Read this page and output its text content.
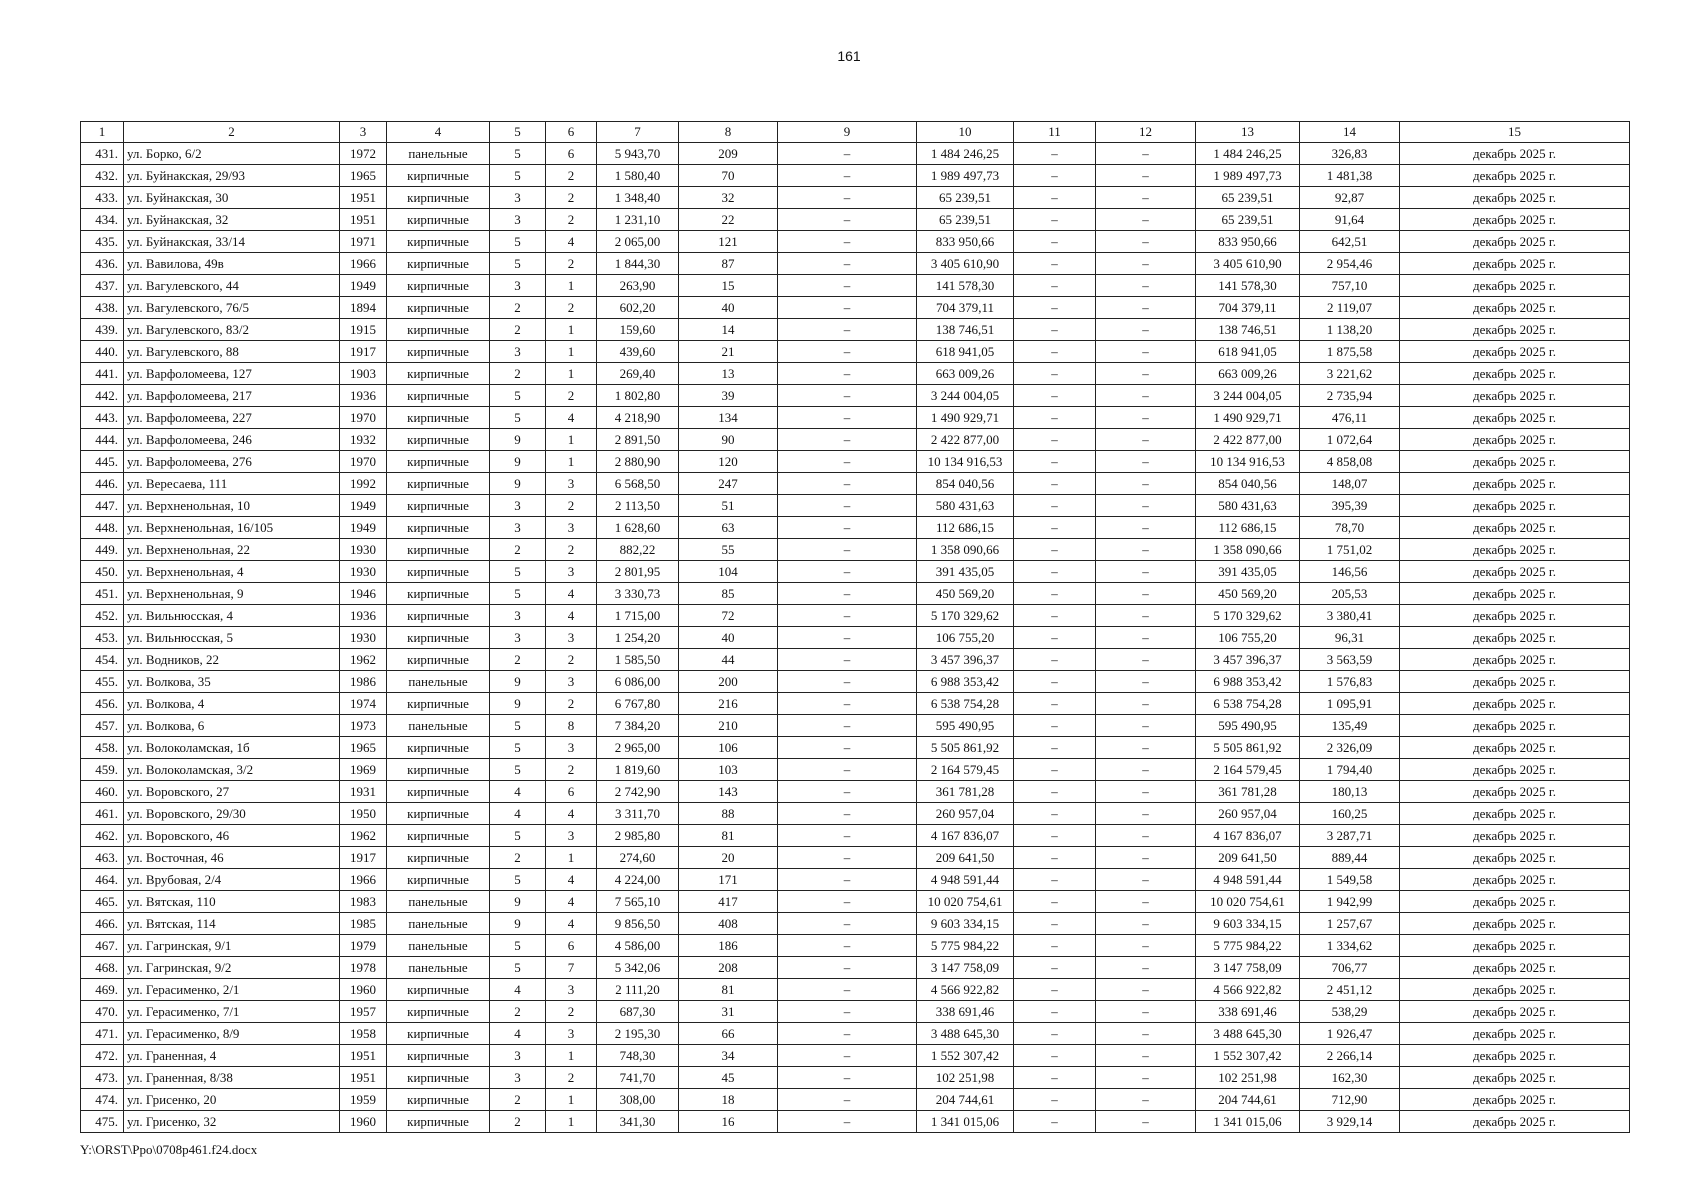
161
1	2	3	4	5	6	7	8	9	10	11	12	13	14	15
431.	ул. Борко, 6/2	1972	панельные	5	6	5 943,70	209	–	1 484 246,25	–	–	1 484 246,25	326,83	декабрь 2025 г.
432.	ул. Буйнакская, 29/93	1965	кирпичные	5	2	1 580,40	70	–	1 989 497,73	–	–	1 989 497,73	1 481,38	декабрь 2025 г.
433.	ул. Буйнакская, 30	1951	кирпичные	3	2	1 348,40	32	–	65 239,51	–	–	65 239,51	92,87	декабрь 2025 г.
434.	ул. Буйнакская, 32	1951	кирпичные	3	2	1 231,10	22	–	65 239,51	–	–	65 239,51	91,64	декабрь 2025 г.
435.	ул. Буйнакская, 33/14	1971	кирпичные	5	4	2 065,00	121	–	833 950,66	–	–	833 950,66	642,51	декабрь 2025 г.
436.	ул. Вавилова, 49в	1966	кирпичные	5	2	1 844,30	87	–	3 405 610,90	–	–	3 405 610,90	2 954,46	декабрь 2025 г.
437.	ул. Вагулевского, 44	1949	кирпичные	3	1	263,90	15	–	141 578,30	–	–	141 578,30	757,10	декабрь 2025 г.
438.	ул. Вагулевского, 76/5	1894	кирпичные	2	2	602,20	40	–	704 379,11	–	–	704 379,11	2 119,07	декабрь 2025 г.
439.	ул. Вагулевского, 83/2	1915	кирпичные	2	1	159,60	14	–	138 746,51	–	–	138 746,51	1 138,20	декабрь 2025 г.
440.	ул. Вагулевского, 88	1917	кирпичные	3	1	439,60	21	–	618 941,05	–	–	618 941,05	1 875,58	декабрь 2025 г.
441.	ул. Варфоломеева, 127	1903	кирпичные	2	1	269,40	13	–	663 009,26	–	–	663 009,26	3 221,62	декабрь 2025 г.
442.	ул. Варфоломеева, 217	1936	кирпичные	5	2	1 802,80	39	–	3 244 004,05	–	–	3 244 004,05	2 735,94	декабрь 2025 г.
443.	ул. Варфоломеева, 227	1970	кирпичные	5	4	4 218,90	134	–	1 490 929,71	–	–	1 490 929,71	476,11	декабрь 2025 г.
444.	ул. Варфоломеева, 246	1932	кирпичные	9	1	2 891,50	90	–	2 422 877,00	–	–	2 422 877,00	1 072,64	декабрь 2025 г.
445.	ул. Варфоломеева, 276	1970	кирпичные	9	1	2 880,90	120	–	10 134 916,53	–	–	10 134 916,53	4 858,08	декабрь 2025 г.
446.	ул. Вересаева, 111	1992	кирпичные	9	3	6 568,50	247	–	854 040,56	–	–	854 040,56	148,07	декабрь 2025 г.
447.	ул. Верхненольная, 10	1949	кирпичные	3	2	2 113,50	51	–	580 431,63	–	–	580 431,63	395,39	декабрь 2025 г.
448.	ул. Верхненольная, 16/105	1949	кирпичные	3	3	1 628,60	63	–	112 686,15	–	–	112 686,15	78,70	декабрь 2025 г.
449.	ул. Верхненольная, 22	1930	кирпичные	2	2	882,22	55	–	1 358 090,66	–	–	1 358 090,66	1 751,02	декабрь 2025 г.
450.	ул. Верхненольная, 4	1930	кирпичные	5	3	2 801,95	104	–	391 435,05	–	–	391 435,05	146,56	декабрь 2025 г.
451.	ул. Верхненольная, 9	1946	кирпичные	5	4	3 330,73	85	–	450 569,20	–	–	450 569,20	205,53	декабрь 2025 г.
452.	ул. Вильнюсская, 4	1936	кирпичные	3	4	1 715,00	72	–	5 170 329,62	–	–	5 170 329,62	3 380,41	декабрь 2025 г.
453.	ул. Вильнюсская, 5	1930	кирпичные	3	3	1 254,20	40	–	106 755,20	–	–	106 755,20	96,31	декабрь 2025 г.
454.	ул. Водников, 22	1962	кирпичные	2	2	1 585,50	44	–	3 457 396,37	–	–	3 457 396,37	3 563,59	декабрь 2025 г.
455.	ул. Волкова, 35	1986	панельные	9	3	6 086,00	200	–	6 988 353,42	–	–	6 988 353,42	1 576,83	декабрь 2025 г.
456.	ул. Волкова, 4	1974	кирпичные	9	2	6 767,80	216	–	6 538 754,28	–	–	6 538 754,28	1 095,91	декабрь 2025 г.
457.	ул. Волкова, 6	1973	панельные	5	8	7 384,20	210	–	595 490,95	–	–	595 490,95	135,49	декабрь 2025 г.
458.	ул. Волоколамская, 1б	1965	кирпичные	5	3	2 965,00	106	–	5 505 861,92	–	–	5 505 861,92	2 326,09	декабрь 2025 г.
459.	ул. Волоколамская, 3/2	1969	кирпичные	5	2	1 819,60	103	–	2 164 579,45	–	–	2 164 579,45	1 794,40	декабрь 2025 г.
460.	ул. Воровского, 27	1931	кирпичные	4	6	2 742,90	143	–	361 781,28	–	–	361 781,28	180,13	декабрь 2025 г.
461.	ул. Воровского, 29/30	1950	кирпичные	4	4	3 311,70	88	–	260 957,04	–	–	260 957,04	160,25	декабрь 2025 г.
462.	ул. Воровского, 46	1962	кирпичные	5	3	2 985,80	81	–	4 167 836,07	–	–	4 167 836,07	3 287,71	декабрь 2025 г.
463.	ул. Восточная, 46	1917	кирпичные	2	1	274,60	20	–	209 641,50	–	–	209 641,50	889,44	декабрь 2025 г.
464.	ул. Врубовая, 2/4	1966	кирпичные	5	4	4 224,00	171	–	4 948 591,44	–	–	4 948 591,44	1 549,58	декабрь 2025 г.
465.	ул. Вятская, 110	1983	панельные	9	4	7 565,10	417	–	10 020 754,61	–	–	10 020 754,61	1 942,99	декабрь 2025 г.
466.	ул. Вятская, 114	1985	панельные	9	4	9 856,50	408	–	9 603 334,15	–	–	9 603 334,15	1 257,67	декабрь 2025 г.
467.	ул. Гагринская, 9/1	1979	панельные	5	6	4 586,00	186	–	5 775 984,22	–	–	5 775 984,22	1 334,62	декабрь 2025 г.
468.	ул. Гагринская, 9/2	1978	панельные	5	7	5 342,06	208	–	3 147 758,09	–	–	3 147 758,09	706,77	декабрь 2025 г.
469.	ул. Герасименко, 2/1	1960	кирпичные	4	3	2 111,20	81	–	4 566 922,82	–	–	4 566 922,82	2 451,12	декабрь 2025 г.
470.	ул. Герасименко, 7/1	1957	кирпичные	2	2	687,30	31	–	338 691,46	–	–	338 691,46	538,29	декабрь 2025 г.
471.	ул. Герасименко, 8/9	1958	кирпичные	4	3	2 195,30	66	–	3 488 645,30	–	–	3 488 645,30	1 926,47	декабрь 2025 г.
472.	ул. Граненная, 4	1951	кирпичные	3	1	748,30	34	–	1 552 307,42	–	–	1 552 307,42	2 266,14	декабрь 2025 г.
473.	ул. Граненная, 8/38	1951	кирпичные	3	2	741,70	45	–	102 251,98	–	–	102 251,98	162,30	декабрь 2025 г.
474.	ул. Грисенко, 20	1959	кирпичные	2	1	308,00	18	–	204 744,61	–	–	204 744,61	712,90	декабрь 2025 г.
475.	ул. Грисенко, 32	1960	кирпичные	2	1	341,30	16	–	1 341 015,06	–	–	1 341 015,06	3 929,14	декабрь 2025 г.
Y:\ORST\Ppo\0708p461.f24.docx
